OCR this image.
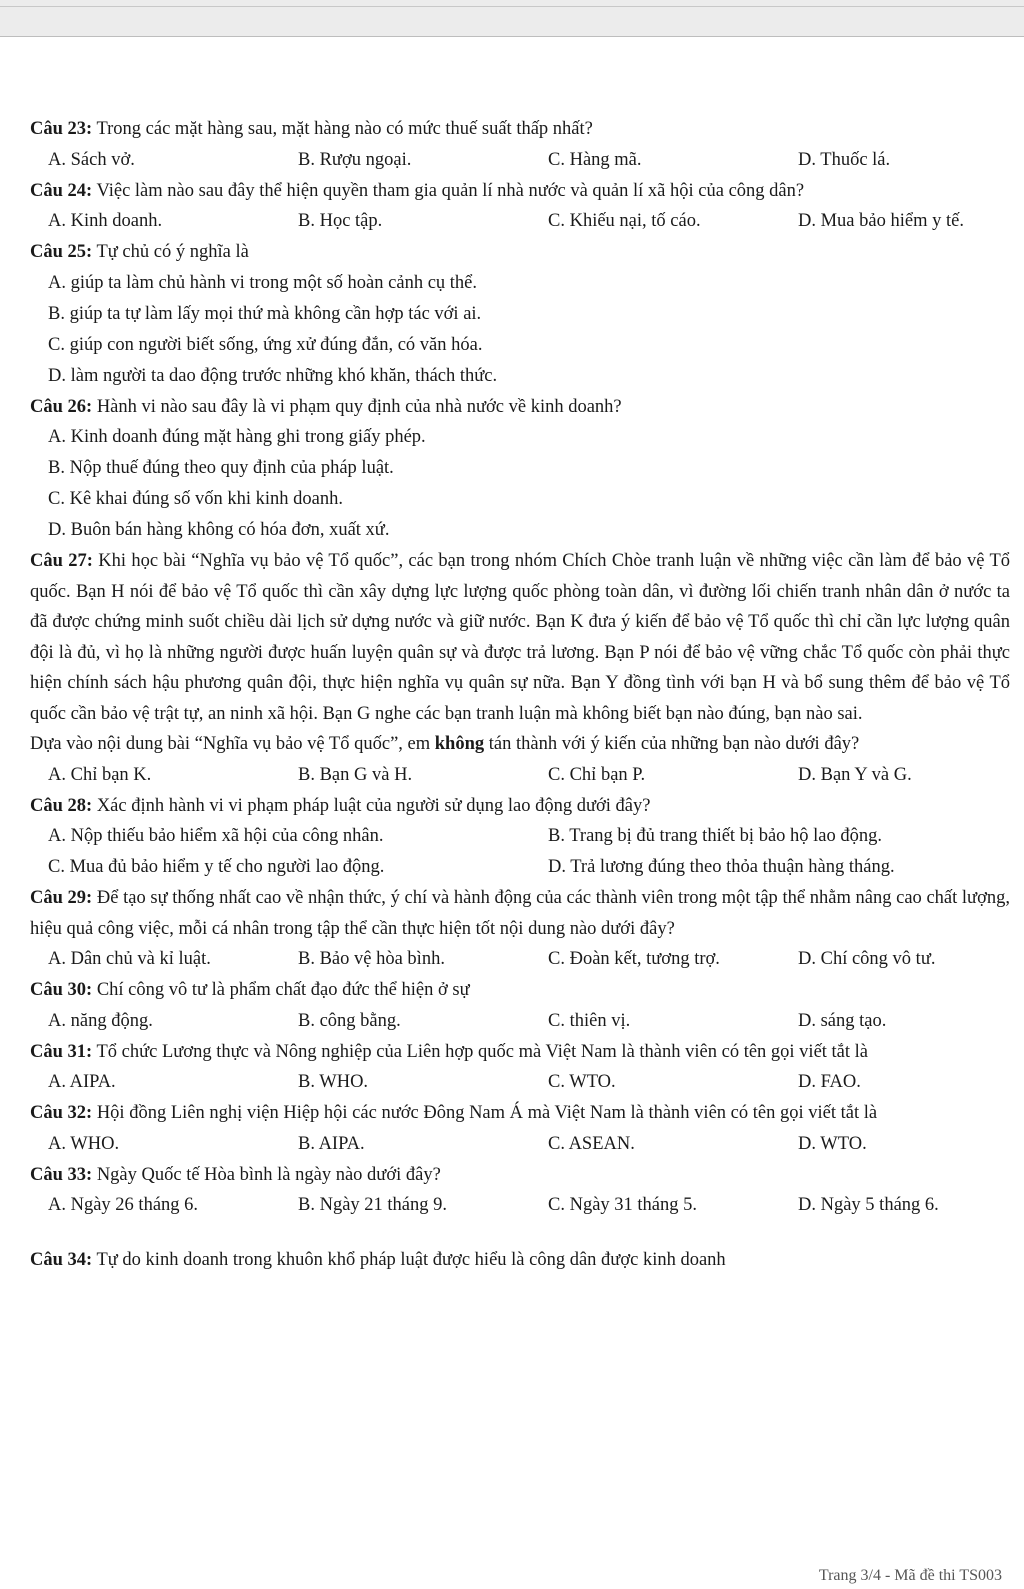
Câu 23: Trong các mặt hàng sau, mặt hàng nào có mức thuế suất thấp nhất?
A. Sách vở.	B. Rượu ngoại.	C. Hàng mã.	D. Thuốc lá.
Câu 24: Việc làm nào sau đây thể hiện quyền tham gia quản lí nhà nước và quản lí xã hội của công dân?
A. Kinh doanh.	B. Học tập.	C. Khiếu nại, tố cáo.	D. Mua bảo hiểm y tế.
Câu 25: Tự chủ có ý nghĩa là
A. giúp ta làm chủ hành vi trong một số hoàn cảnh cụ thể.
B. giúp ta tự làm lấy mọi thứ mà không cần hợp tác với ai.
C. giúp con người biết sống, ứng xử đúng đắn, có văn hóa.
D. làm người ta dao động trước những khó khăn, thách thức.
Câu 26: Hành vi nào sau đây là vi phạm quy định của nhà nước về kinh doanh?
A. Kinh doanh đúng mặt hàng ghi trong giấy phép.
B. Nộp thuế đúng theo quy định của pháp luật.
C. Kê khai đúng số vốn khi kinh doanh.
D. Buôn bán hàng không có hóa đơn, xuất xứ.
Câu 27: Khi học bài “Nghĩa vụ bảo vệ Tổ quốc”, các bạn trong nhóm Chích Chòe tranh luận về những việc cần làm để bảo vệ Tổ quốc. Bạn H nói để bảo vệ Tổ quốc thì cần xây dựng lực lượng quốc phòng toàn dân, vì đường lối chiến tranh nhân dân ở nước ta đã được chứng minh suốt chiều dài lịch sử dựng nước và giữ nước. Bạn K đưa ý kiến để bảo vệ Tổ quốc thì chỉ cần lực lượng quân đội là đủ, vì họ là những người được huấn luyện quân sự và được trả lương. Bạn P nói để bảo vệ vững chắc Tổ quốc còn phải thực hiện chính sách hậu phương quân đội, thực hiện nghĩa vụ quân sự nữa. Bạn Y đồng tình với bạn H và bổ sung thêm để bảo vệ Tổ quốc cần bảo vệ trật tự, an ninh xã hội. Bạn G nghe các bạn tranh luận mà không biết bạn nào đúng, bạn nào sai.
Dựa vào nội dung bài “Nghĩa vụ bảo vệ Tổ quốc”, em không tán thành với ý kiến của những bạn nào dưới đây?
A. Chỉ bạn K.	B. Bạn G và H.	C. Chỉ bạn P.	D. Bạn Y và G.
Câu 28: Xác định hành vi vi phạm pháp luật của người sử dụng lao động dưới đây?
A. Nộp thiếu bảo hiểm xã hội của công nhân.	B. Trang bị đủ trang thiết bị bảo hộ lao động.
C. Mua đủ bảo hiểm y tế cho người lao động.	D. Trả lương đúng theo thỏa thuận hàng tháng.
Câu 29: Để tạo sự thống nhất cao về nhận thức, ý chí và hành động của các thành viên trong một tập thể nhằm nâng cao chất lượng, hiệu quả công việc, mỗi cá nhân trong tập thể cần thực hiện tốt nội dung nào dưới đây?
A. Dân chủ và kỉ luật.	B. Bảo vệ hòa bình.	C. Đoàn kết, tương trợ.	D. Chí công vô tư.
Câu 30: Chí công vô tư là phẩm chất đạo đức thể hiện ở sự
A. năng động.	B. công bằng.	C. thiên vị.	D. sáng tạo.
Câu 31: Tổ chức Lương thực và Nông nghiệp của Liên hợp quốc mà Việt Nam là thành viên có tên gọi viết tắt là
A. AIPA.	B. WHO.	C. WTO.	D. FAO.
Câu 32: Hội đồng Liên nghị viện Hiệp hội các nước Đông Nam Á mà Việt Nam là thành viên có tên gọi viết tắt là
A. WHO.	B. AIPA.	C. ASEAN.	D. WTO.
Câu 33: Ngày Quốc tế Hòa bình là ngày nào dưới đây?
A. Ngày 26 tháng 6.	B. Ngày 21 tháng 9.	C. Ngày 31 tháng 5.	D. Ngày 5 tháng 6.
Câu 34: Tự do kinh doanh trong khuôn khổ pháp luật được hiểu là công dân được kinh doanh
Trang 3/4 - Mã đề thi TS003
